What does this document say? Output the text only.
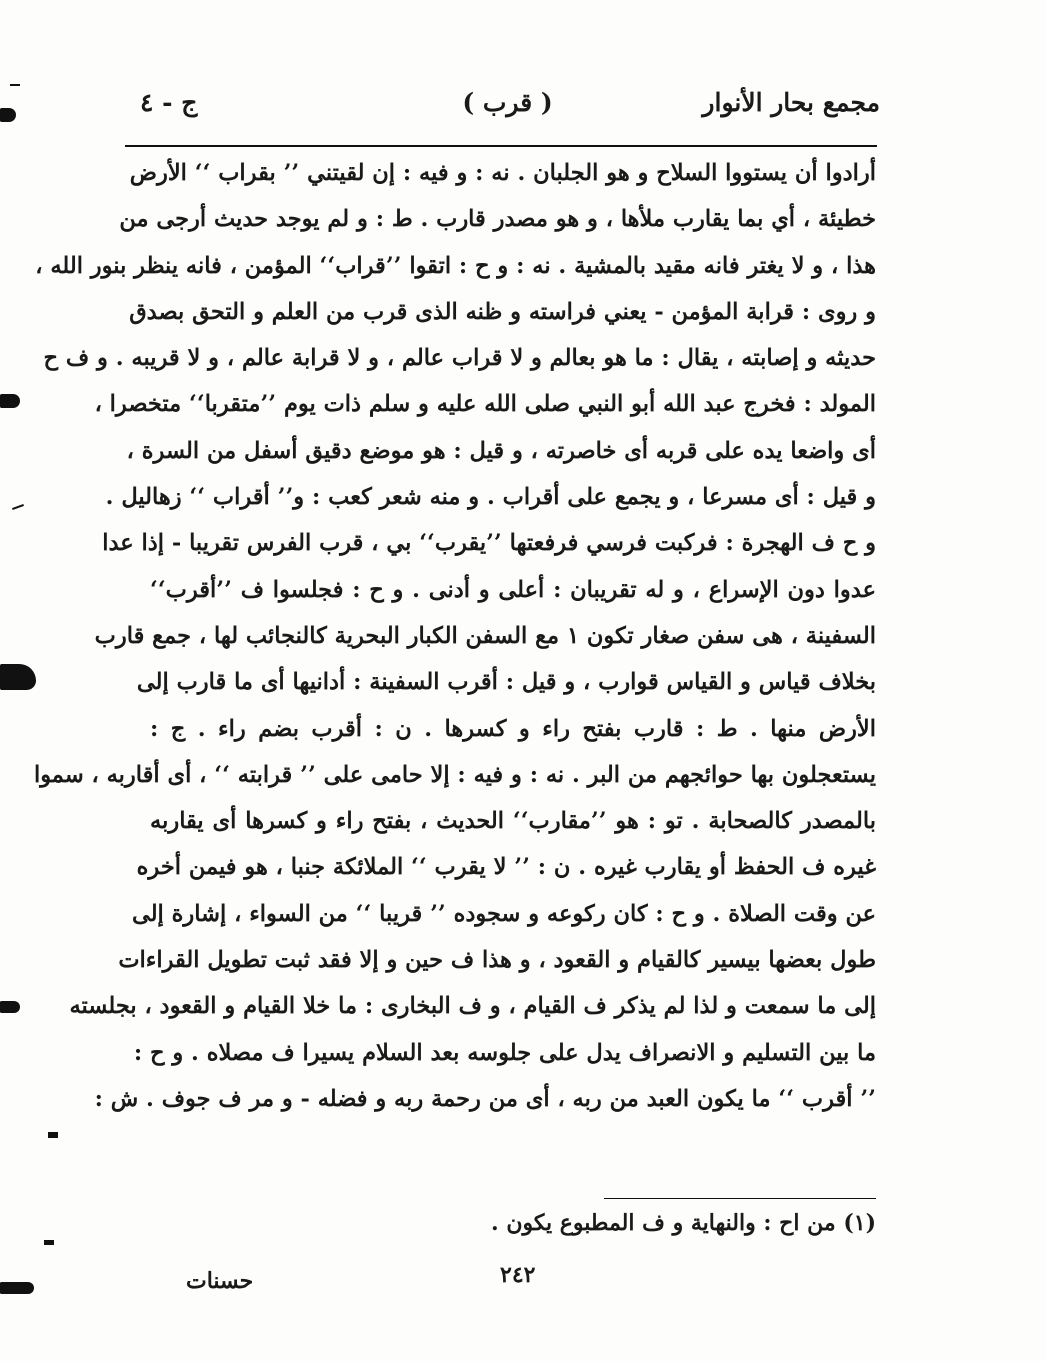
مجمع بحار الأنوار
( قرب )
ج - ٤
أرادوا أن يستووا السلاح و هو الجلبان . نه : و فيه : إن لقيتني ’’ بقراب ‘‘ الأرض
خطيئة ، أي بما يقارب ملأها ، و هو مصدر قارب . ط : و لم يوجد حديث أرجى من
هذا ، و لا يغتر فانه مقيد بالمشية . نه : و ح : اتقوا ’’قراب‘‘ المؤمن ، فانه ينظر بنور الله ،
و روى : قرابة المؤمن - يعني فراسته و ظنه الذى قرب من العلم و التحق بصدق
حديثه و إصابته ، يقال : ما هو بعالم و لا قراب عالم ، و لا قرابة عالم ، و لا قريبه . و ف ح
المولد : فخرج عبد الله أبو النبي صلى الله عليه و سلم ذات يوم ’’متقربا‘‘ متخصرا ،
أى واضعا يده على قربه أى خاصرته ، و قيل : هو موضع دقيق أسفل من السرة ،
و قيل : أى مسرعا ، و يجمع على أقراب . و منه شعر كعب : و’’ أقراب ‘‘ زهاليل .
و ح ف الهجرة : فركبت فرسي فرفعتها ’’يقرب‘‘ بي ، قرب الفرس تقريبا - إذا عدا
عدوا دون الإسراع ، و له تقريبان : أعلى و أدنى . و ح : فجلسوا ف ’’أقرب‘‘
السفينة ، هى سفن صغار تكون ١ مع السفن الكبار البحرية كالنجائب لها ، جمع قارب
بخلاف قياس و القياس قوارب ، و قيل : أقرب السفينة : أدانيها أى ما قارب إلى
الأرض منها . ط : قارب بفتح راء و كسرها . ن : أقرب بضم راء . ج :
يستعجلون بها حوائجهم من البر . نه : و فيه : إلا حامى على ’’ قرابته ‘‘ ، أى أقاربه ، سموا
بالمصدر كالصحابة . تو : هو ’’مقارب‘‘ الحديث ، بفتح راء و كسرها أى يقاربه
غيره ف الحفظ أو يقارب غيره . ن : ’’ لا يقرب ‘‘ الملائكة جنبا ، هو فيمن أخره
عن وقت الصلاة . و ح : كان ركوعه و سجوده ’’ قريبا ‘‘ من السواء ، إشارة إلى
طول بعضها بيسير كالقيام و القعود ، و هذا ف حين و إلا فقد ثبت تطويل القراءات
إلى ما سمعت و لذا لم يذكر ف القيام ، و ف البخارى : ما خلا القيام و القعود ، بجلسته
ما بين التسليم و الانصراف يدل على جلوسه بعد السلام يسيرا ف مصلاه . و ح :
’’ أقرب ‘‘ ما يكون العبد من ربه ، أى من رحمة ربه و فضله - و مر ف جوف . ش :
(١) من اح : والنهاية و ف المطبوع يكون .
٢٤٢
حسنات
